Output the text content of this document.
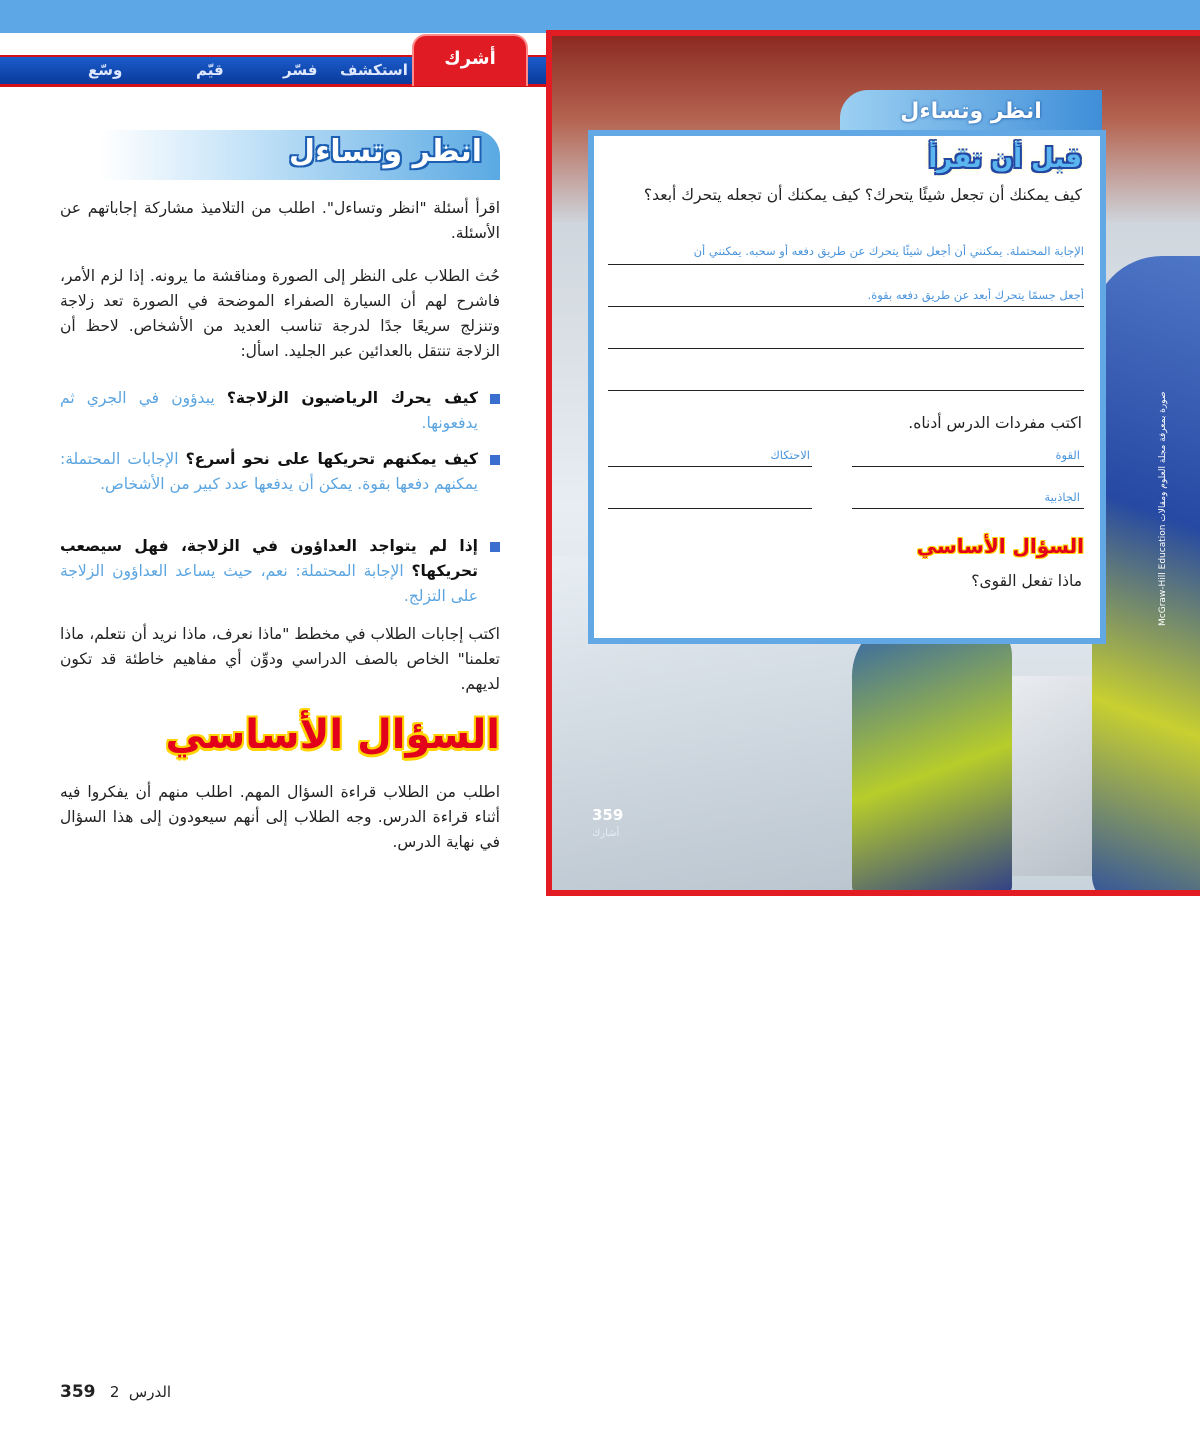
استكشف
فسّر
قيّم
وسّع
أشرك
انظر وتساءل
اقرأ أسئلة "انظر وتساءل". اطلب من التلاميذ مشاركة إجاباتهم عن الأسئلة.
حُث الطلاب على النظر إلى الصورة ومناقشة ما يرونه. إذا لزم الأمر، فاشرح لهم أن السيارة الصفراء الموضحة في الصورة تعد زلاجة وتنزلج سريعًا جدًا لدرجة تناسب العديد من الأشخاص. لاحظ أن الزلاجة تنتقل بالعدائين عبر الجليد. اسأل:
كيف يحرك الرياضيون الزلاجة؟ يبدؤون في الجري ثم يدفعونها.
كيف يمكنهم تحريكها على نحو أسرع؟ الإجابات المحتملة: يمكنهم دفعها بقوة. يمكن أن يدفعها عدد كبير من الأشخاص.
إذا لم يتواجد العداؤون في الزلاجة، فهل سيصعب تحريكها؟ الإجابة المحتملة: نعم، حيث يساعد العداؤون الزلاجة على التزلج.
اكتب إجابات الطلاب في مخطط "ماذا نعرف، ماذا نريد أن نتعلم، ماذا تعلمنا" الخاص بالصف الدراسي ودوِّن أي مفاهيم خاطئة قد تكون لديهم.
السؤال الأساسي
اطلب من الطلاب قراءة السؤال المهم. اطلب منهم أن يفكروا فيه أثناء قراءة الدرس. وجه الطلاب إلى أنهم سيعودون إلى هذا السؤال في نهاية الدرس.
انظر وتساءل
قبل أن تقرأ
كيف يمكنك أن تجعل شيئًا يتحرك؟ كيف يمكنك أن تجعله يتحرك أبعد؟
الإجابة المحتملة. يمكنني أن أجعل شيئًا يتحرك عن طريق دفعه أو سحبه. يمكنني أن
أجعل جسمًا يتحرك أبعد عن طريق دفعه بقوة.
اكتب مفردات الدرس أدناه.
القوة
الاحتكاك
الجاذبية
السؤال الأساسي
ماذا تفعل القوى؟
359
أشارك
McGraw-Hill Education صورة بمعرفة مجلة العلوم ومقالات
359 2 الدرس
